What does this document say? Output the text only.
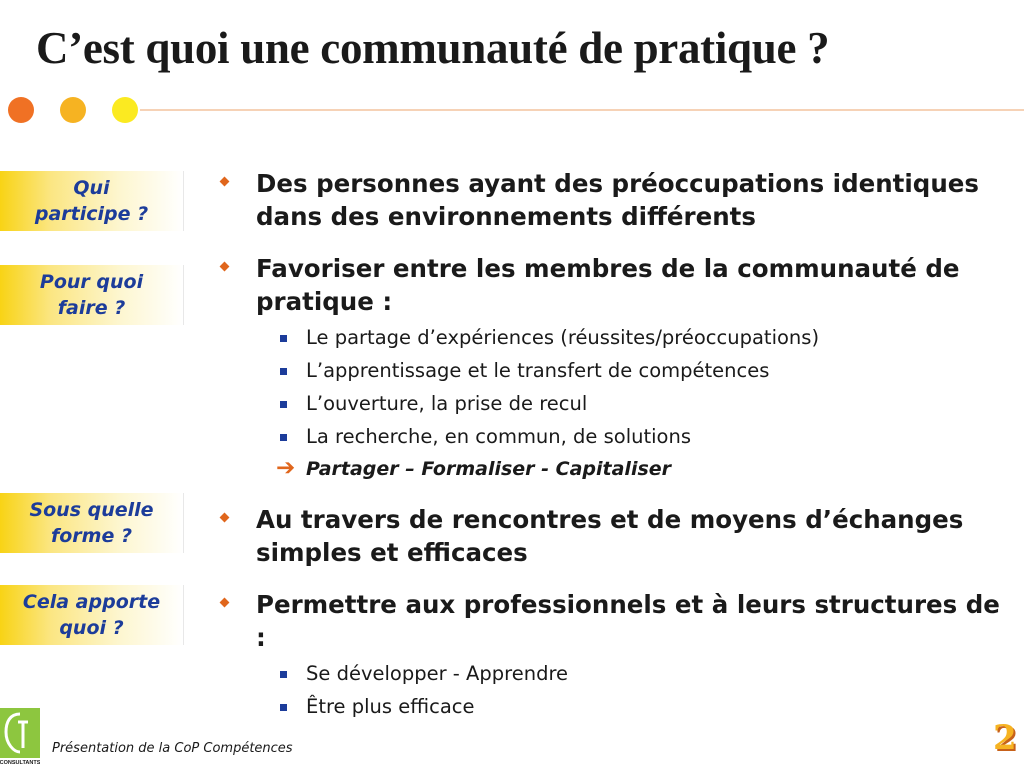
C’est quoi une communauté de pratique ?
Qui
participe ?
Pour quoi
faire ?
Sous quelle
forme ?
Cela apporte
quoi ?

Des personnes ayant des préoccupations identiques dans des environnements différents

Favoriser entre les membres de la communauté de pratique :

Le partage d’expériences (réussites/préoccupations)

L’apprentissage et le transfert de compétences

L’ouverture, la prise de recul

La recherche, en commun, de solutions

➔ Partager – Formaliser - Capitaliser

Au travers de rencontres et de moyens d’échanges simples et efficaces

Permettre aux professionnels et à leurs structures de :

Se développer - Apprendre

Être plus efficace

CONSULTANTS
Présentation de la CoP Compétences	2
